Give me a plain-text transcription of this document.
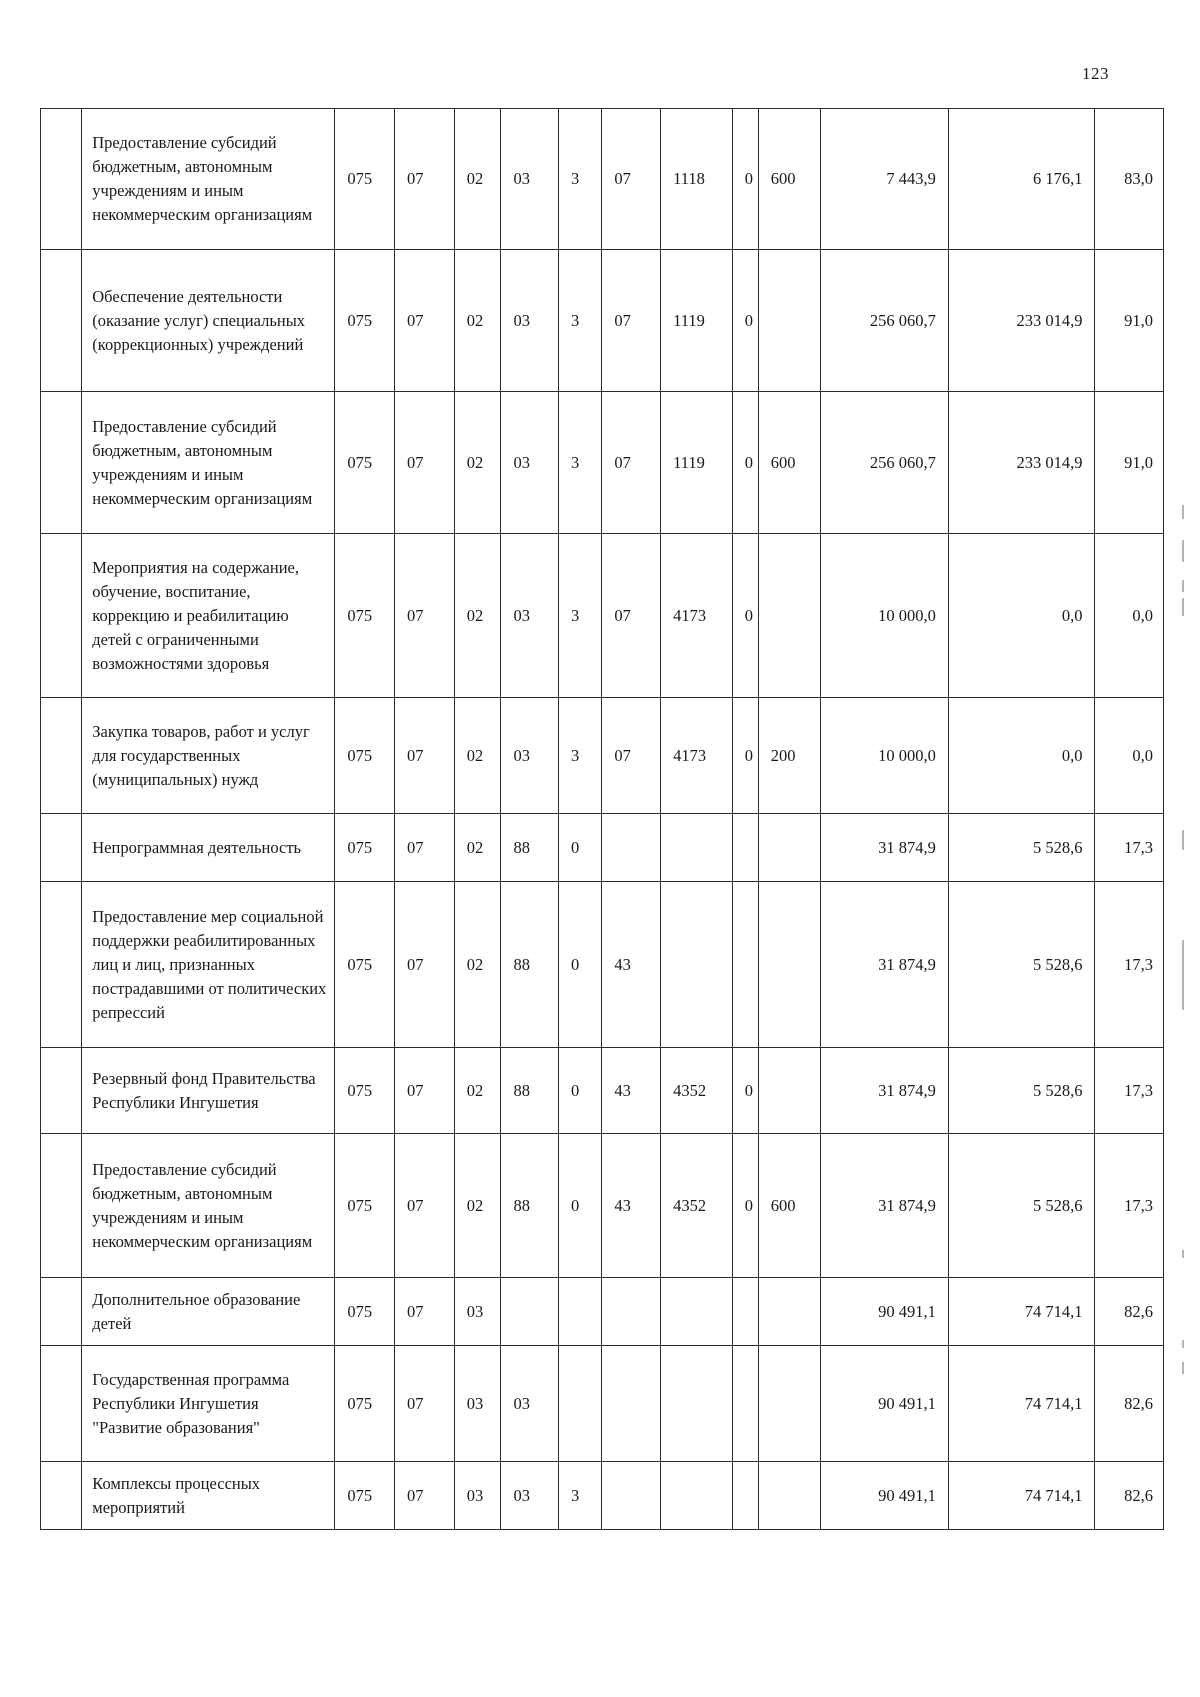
123
	Предоставление субсидий бюджетным, автономным учреждениям и иным некоммерческим организациям	075	07	02	03	3	07	1118	0	600	7 443,9	6 176,1	83,0
	Обеспечение деятельности (оказание услуг) специальных (коррекционных) учреждений	075	07	02	03	3	07	1119	0		256 060,7	233 014,9	91,0
	Предоставление субсидий бюджетным, автономным учреждениям и иным некоммерческим организациям	075	07	02	03	3	07	1119	0	600	256 060,7	233 014,9	91,0
	Мероприятия на содержание, обучение, воспитание, коррекцию и реабилитацию детей с ограниченными возможностями здоровья	075	07	02	03	3	07	4173	0		10 000,0	0,0	0,0
	Закупка товаров, работ и услуг для государственных (муниципальных) нужд	075	07	02	03	3	07	4173	0	200	10 000,0	0,0	0,0
	Непрограммная деятельность	075	07	02	88	0					31 874,9	5 528,6	17,3
	Предоставление мер социальной поддержки реабилитированных лиц и лиц, признанных пострадавшими от политических репрессий	075	07	02	88	0	43				31 874,9	5 528,6	17,3
	Резервный фонд Правительства Республики Ингушетия	075	07	02	88	0	43	4352	0		31 874,9	5 528,6	17,3
	Предоставление субсидий бюджетным, автономным учреждениям и иным некоммерческим организациям	075	07	02	88	0	43	4352	0	600	31 874,9	5 528,6	17,3
	Дополнительное образование детей	075	07	03							90 491,1	74 714,1	82,6
	Государственная программа Республики Ингушетия "Развитие образования"	075	07	03	03						90 491,1	74 714,1	82,6
	Комплексы процессных мероприятий	075	07	03	03	3					90 491,1	74 714,1	82,6
